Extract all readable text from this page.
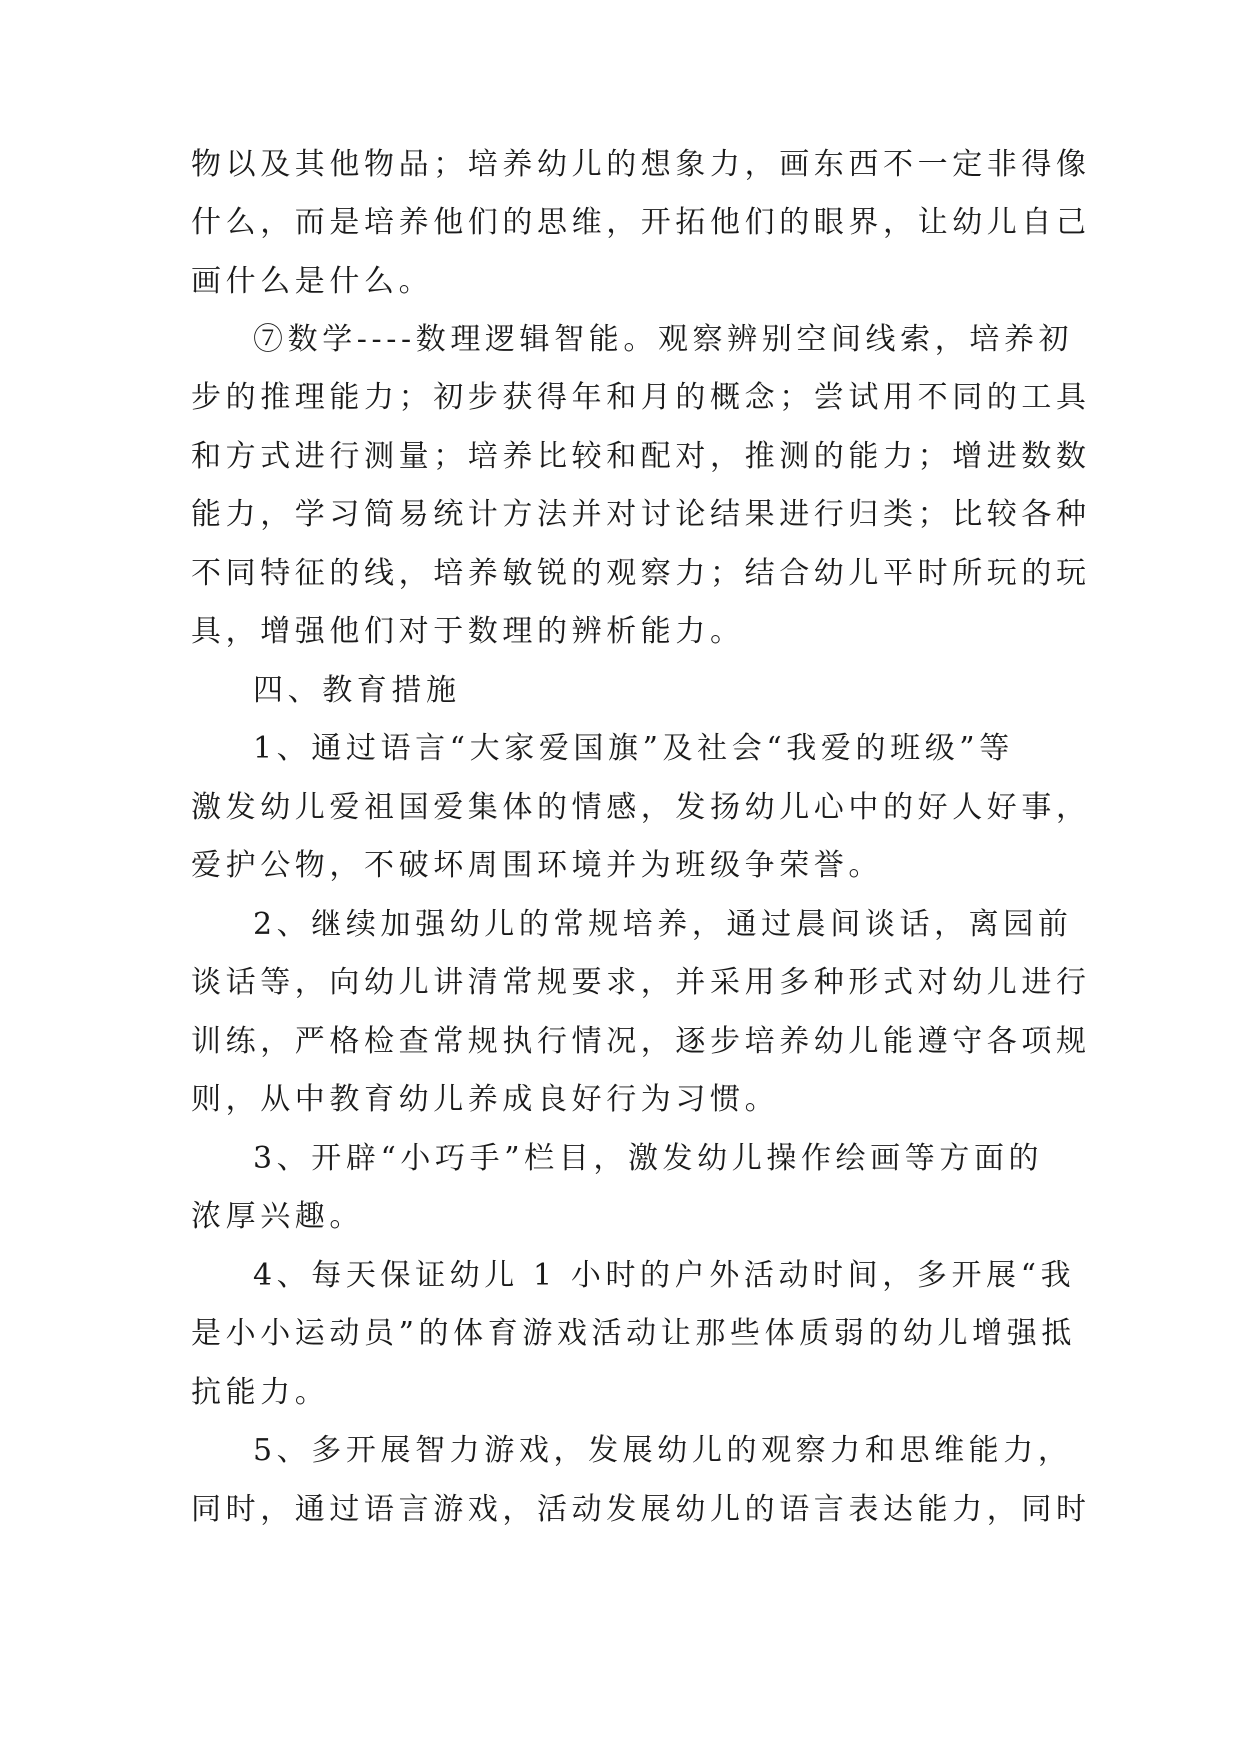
物以及其他物品；培养幼儿的想象力，画东西不一定非得像
什么，而是培养他们的思维，开拓他们的眼界，让幼儿自己
画什么是什么。
⑦数学----数理逻辑智能。观察辨别空间线索，培养初
步的推理能力；初步获得年和月的概念；尝试用不同的工具
和方式进行测量；培养比较和配对，推测的能力；增进数数
能力，学习简易统计方法并对讨论结果进行归类；比较各种
不同特征的线，培养敏锐的观察力；结合幼儿平时所玩的玩
具，增强他们对于数理的辨析能力。
四、教育措施
1、通过语言“大家爱国旗”及社会“我爱的班级”等
激发幼儿爱祖国爱集体的情感，发扬幼儿心中的好人好事，
爱护公物，不破坏周围环境并为班级争荣誉。
2、继续加强幼儿的常规培养，通过晨间谈话，离园前
谈话等，向幼儿讲清常规要求，并采用多种形式对幼儿进行
训练，严格检查常规执行情况，逐步培养幼儿能遵守各项规
则，从中教育幼儿养成良好行为习惯。
3、开辟“小巧手”栏目，激发幼儿操作绘画等方面的
浓厚兴趣。
4、每天保证幼儿 1 小时的户外活动时间，多开展“我
是小小运动员”的体育游戏活动让那些体质弱的幼儿增强抵
抗能力。
5、多开展智力游戏，发展幼儿的观察力和思维能力，
同时，通过语言游戏，活动发展幼儿的语言表达能力，同时
